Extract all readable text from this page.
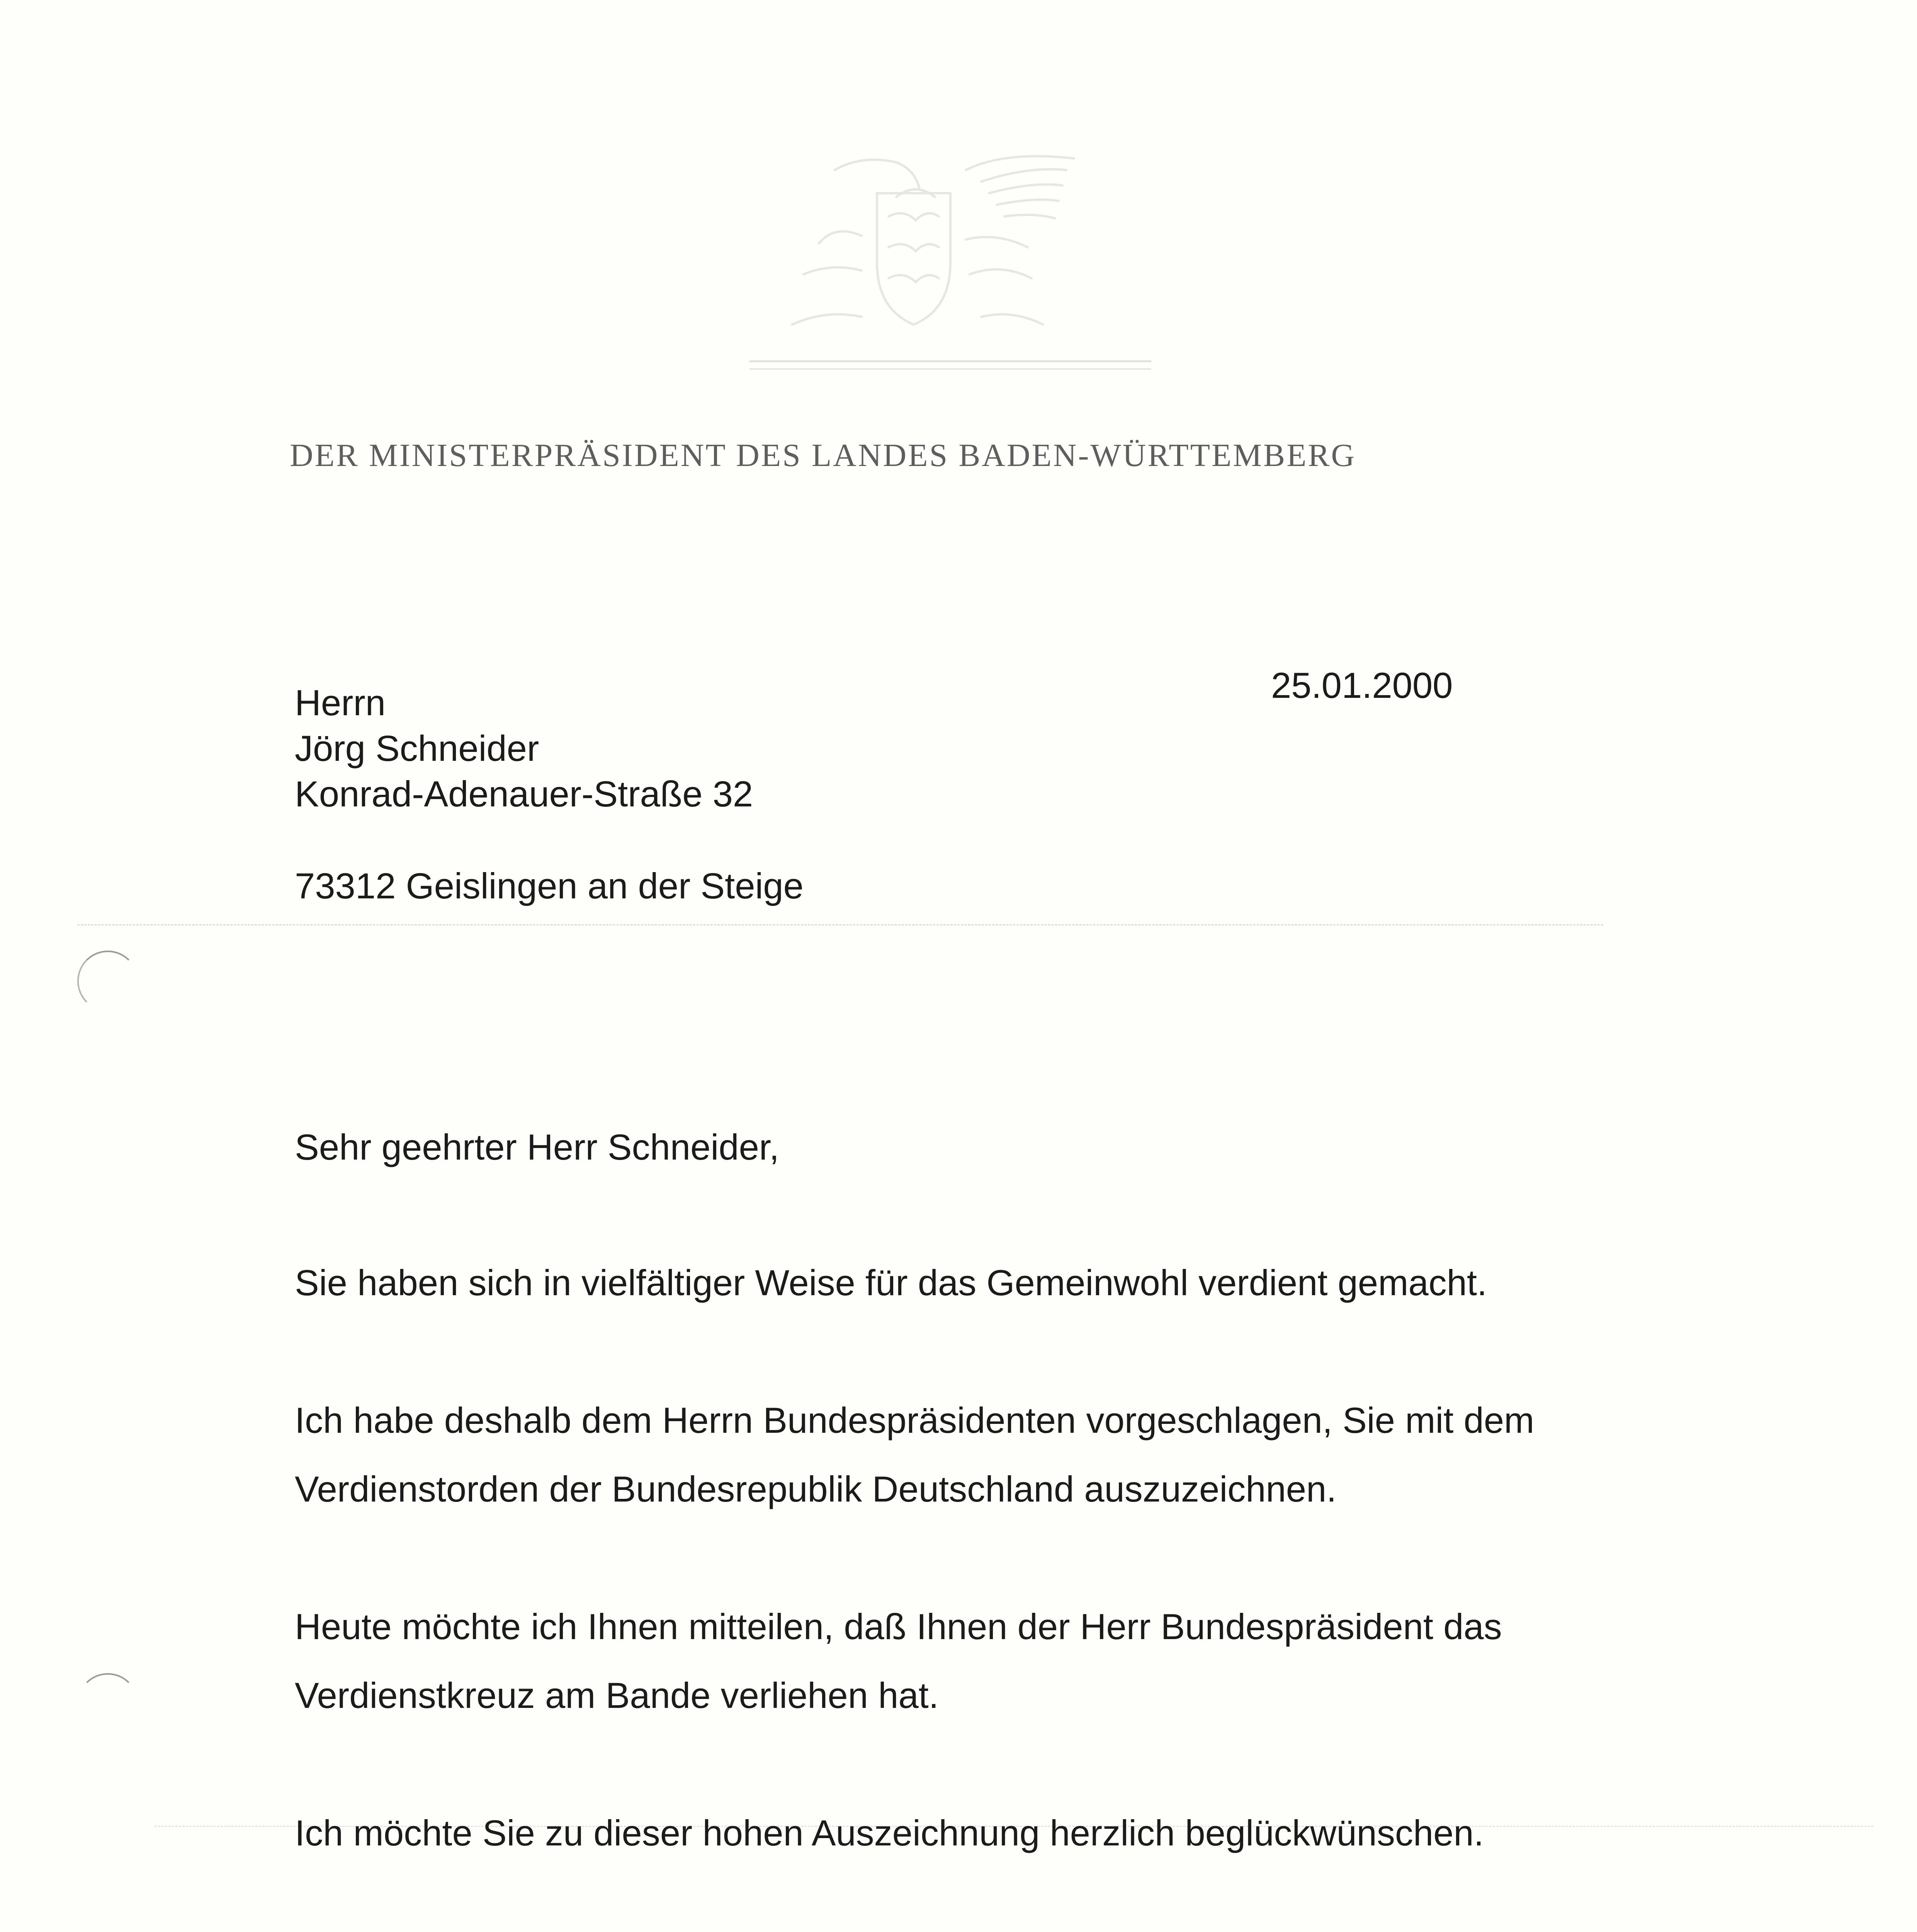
DER MINISTERPRÄSIDENT DES LANDES BADEN-WÜRTTEMBERG
Herrn
Jörg Schneider
Konrad-Adenauer-Straße 32
73312 Geislingen an der Steige
25.01.2000

Sehr geehrter Herr Schneider,

Sie haben sich in vielfältiger Weise für das Gemeinwohl verdient gemacht.

Ich habe deshalb dem Herrn Bundespräsidenten vorgeschlagen, Sie mit dem Verdienstorden der Bundesrepublik Deutschland auszuzeichnen.

Heute möchte ich Ihnen mitteilen, daß Ihnen der Herr Bundespräsident das Verdienstkreuz am Bande verliehen hat.

Ich möchte Sie zu dieser hohen Auszeichnung herzlich beglückwünschen.
